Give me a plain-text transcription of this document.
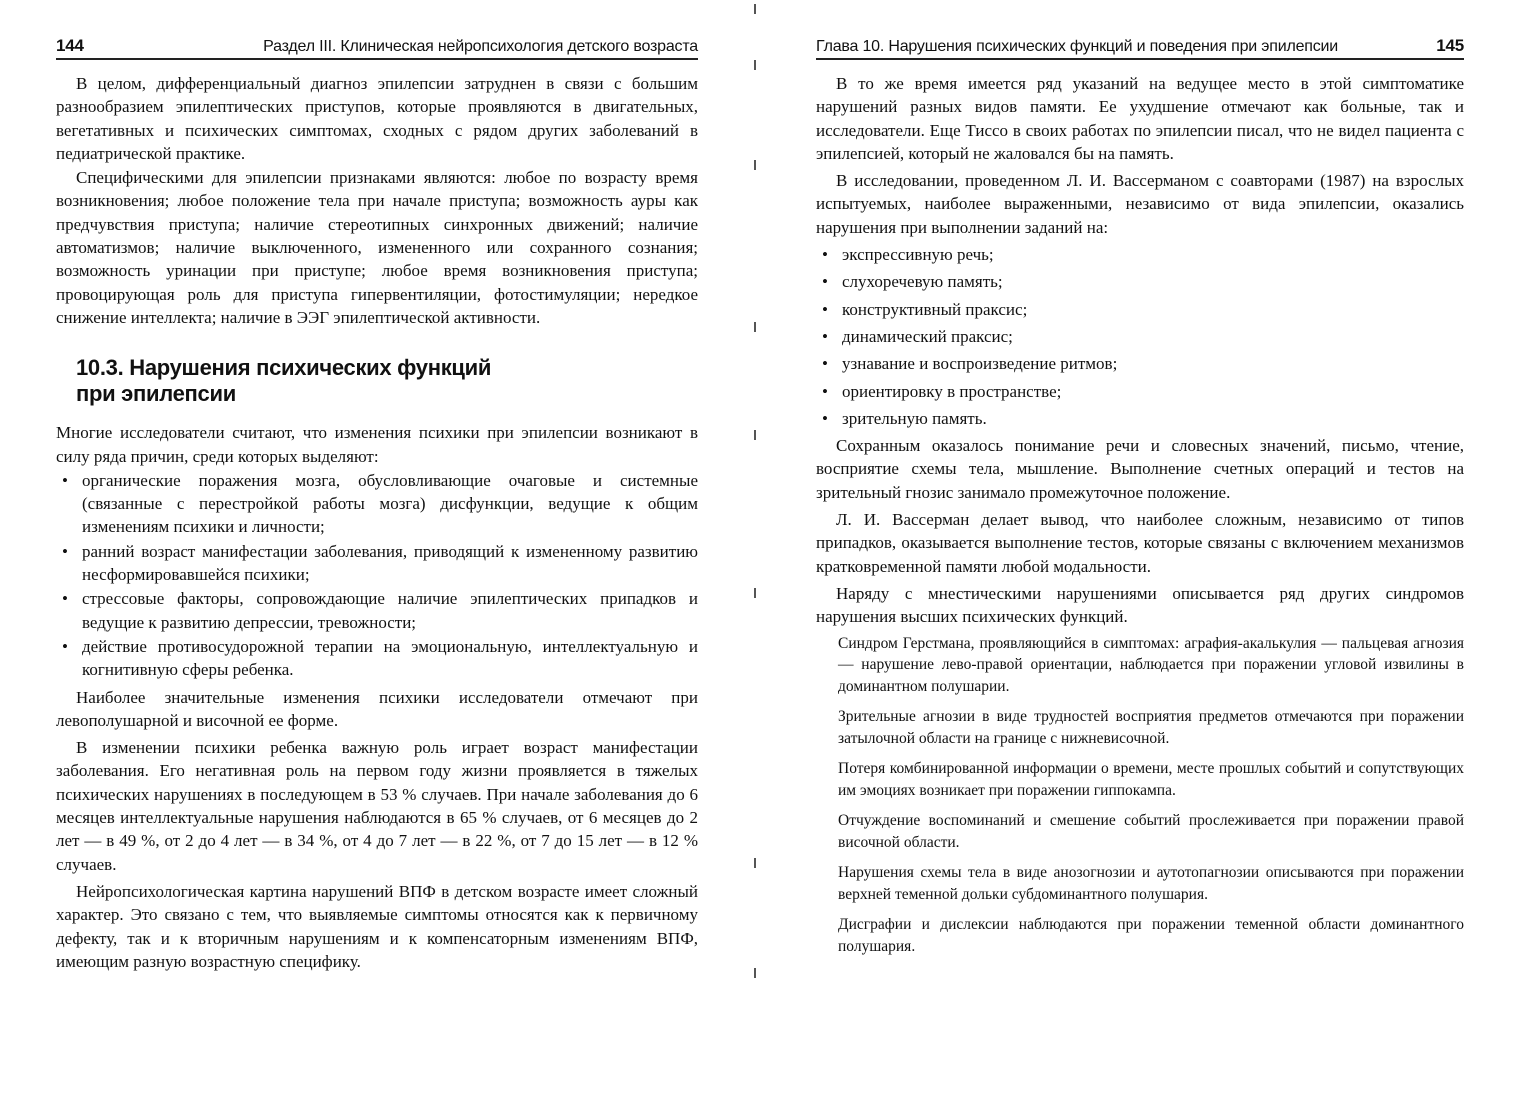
144	Раздел III. Клиническая нейропсихология детского возраста

В целом, дифференциальный диагноз эпилепсии затруднен в связи с большим разнообразием эпилептических приступов, которые проявляются в двигательных, вегетативных и психических симптомах, сходных с рядом других заболеваний в педиатрической практике.

Специфическими для эпилепсии признаками являются: любое по возрасту время возникновения; любое положение тела при начале приступа; возможность ауры как предчувствия приступа; наличие стереотипных синхронных движений; наличие автоматизмов; наличие выключенного, измененного или сохранного сознания; возможность уринации при приступе; любое время возникновения приступа; провоцирующая роль для приступа гипервентиляции, фотостимуляции; нередкое снижение интеллекта; наличие в ЭЭГ эпилептической активности.

10.3. Нарушения психических функций
при эпилепсии

Многие исследователи считают, что изменения психики при эпилепсии возникают в силу ряда причин, среди которых выделяют:

• органические поражения мозга, обусловливающие очаговые и системные (связанные с перестройкой работы мозга) дисфункции, ведущие к общим изменениям психики и личности;
• ранний возраст манифестации заболевания, приводящий к измененному развитию несформировавшейся психики;
• стрессовые факторы, сопровождающие наличие эпилептических припадков и ведущие к развитию депрессии, тревожности;
• действие противосудорожной терапии на эмоциональную, интеллектуальную и когнитивную сферы ребенка.

Наиболее значительные изменения психики исследователи отмечают при левополушарной и височной ее форме.

В изменении психики ребенка важную роль играет возраст манифестации заболевания. Его негативная роль на первом году жизни проявляется в тяжелых психических нарушениях в последующем в 53 % случаев. При начале заболевания до 6 месяцев интеллектуальные нарушения наблюдаются в 65 % случаев, от 6 месяцев до 2 лет — в 49 %, от 2 до 4 лет — в 34 %, от 4 до 7 лет — в 22 %, от 7 до 15 лет — в 12 % случаев.

Нейропсихологическая картина нарушений ВПФ в детском возрасте имеет сложный характер. Это связано с тем, что выявляемые симптомы относятся как к первичному дефекту, так и к вторичным нарушениям и к компенсаторным изменениям ВПФ, имеющим разную возрастную специфику.

Глава 10. Нарушения психических функций и поведения при эпилепсии	145

В то же время имеется ряд указаний на ведущее место в этой симптоматике нарушений разных видов памяти. Ее ухудшение отмечают как больные, так и исследователи. Еще Тиссо в своих работах по эпилепсии писал, что не видел пациента с эпилепсией, который не жаловался бы на память.

В исследовании, проведенном Л. И. Вассерманом с соавторами (1987) на взрослых испытуемых, наиболее выраженными, независимо от вида эпилепсии, оказались нарушения при выполнении заданий на:

• экспрессивную речь;
• слухоречевую память;
• конструктивный праксис;
• динамический праксис;
• узнавание и воспроизведение ритмов;
• ориентировку в пространстве;
• зрительную память.

Сохранным оказалось понимание речи и словесных значений, письмо, чтение, восприятие схемы тела, мышление. Выполнение счетных операций и тестов на зрительный гнозис занимало промежуточное положение.

Л. И. Вассерман делает вывод, что наиболее сложным, независимо от типов припадков, оказывается выполнение тестов, которые связаны с включением механизмов кратковременной памяти любой модальности.

Наряду с мнестическими нарушениями описывается ряд других синдромов нарушения высших психических функций.

Синдром Герстмана, проявляющийся в симптомах: аграфия-акалькулия — пальцевая агнозия — нарушение лево-правой ориентации, наблюдается при поражении угловой извилины в доминантном полушарии.

Зрительные агнозии в виде трудностей восприятия предметов отмечаются при поражении затылочной области на границе с нижневисочной.

Потеря комбинированной информации о времени, месте прошлых событий и сопутствующих им эмоциях возникает при поражении гиппокампа.

Отчуждение воспоминаний и смешение событий прослеживается при поражении правой височной области.

Нарушения схемы тела в виде анозогнозии и аутотопагнозии описываются при поражении верхней теменной дольки субдоминантного полушария.

Дисграфии и дислексии наблюдаются при поражении теменной области доминантного полушария.
